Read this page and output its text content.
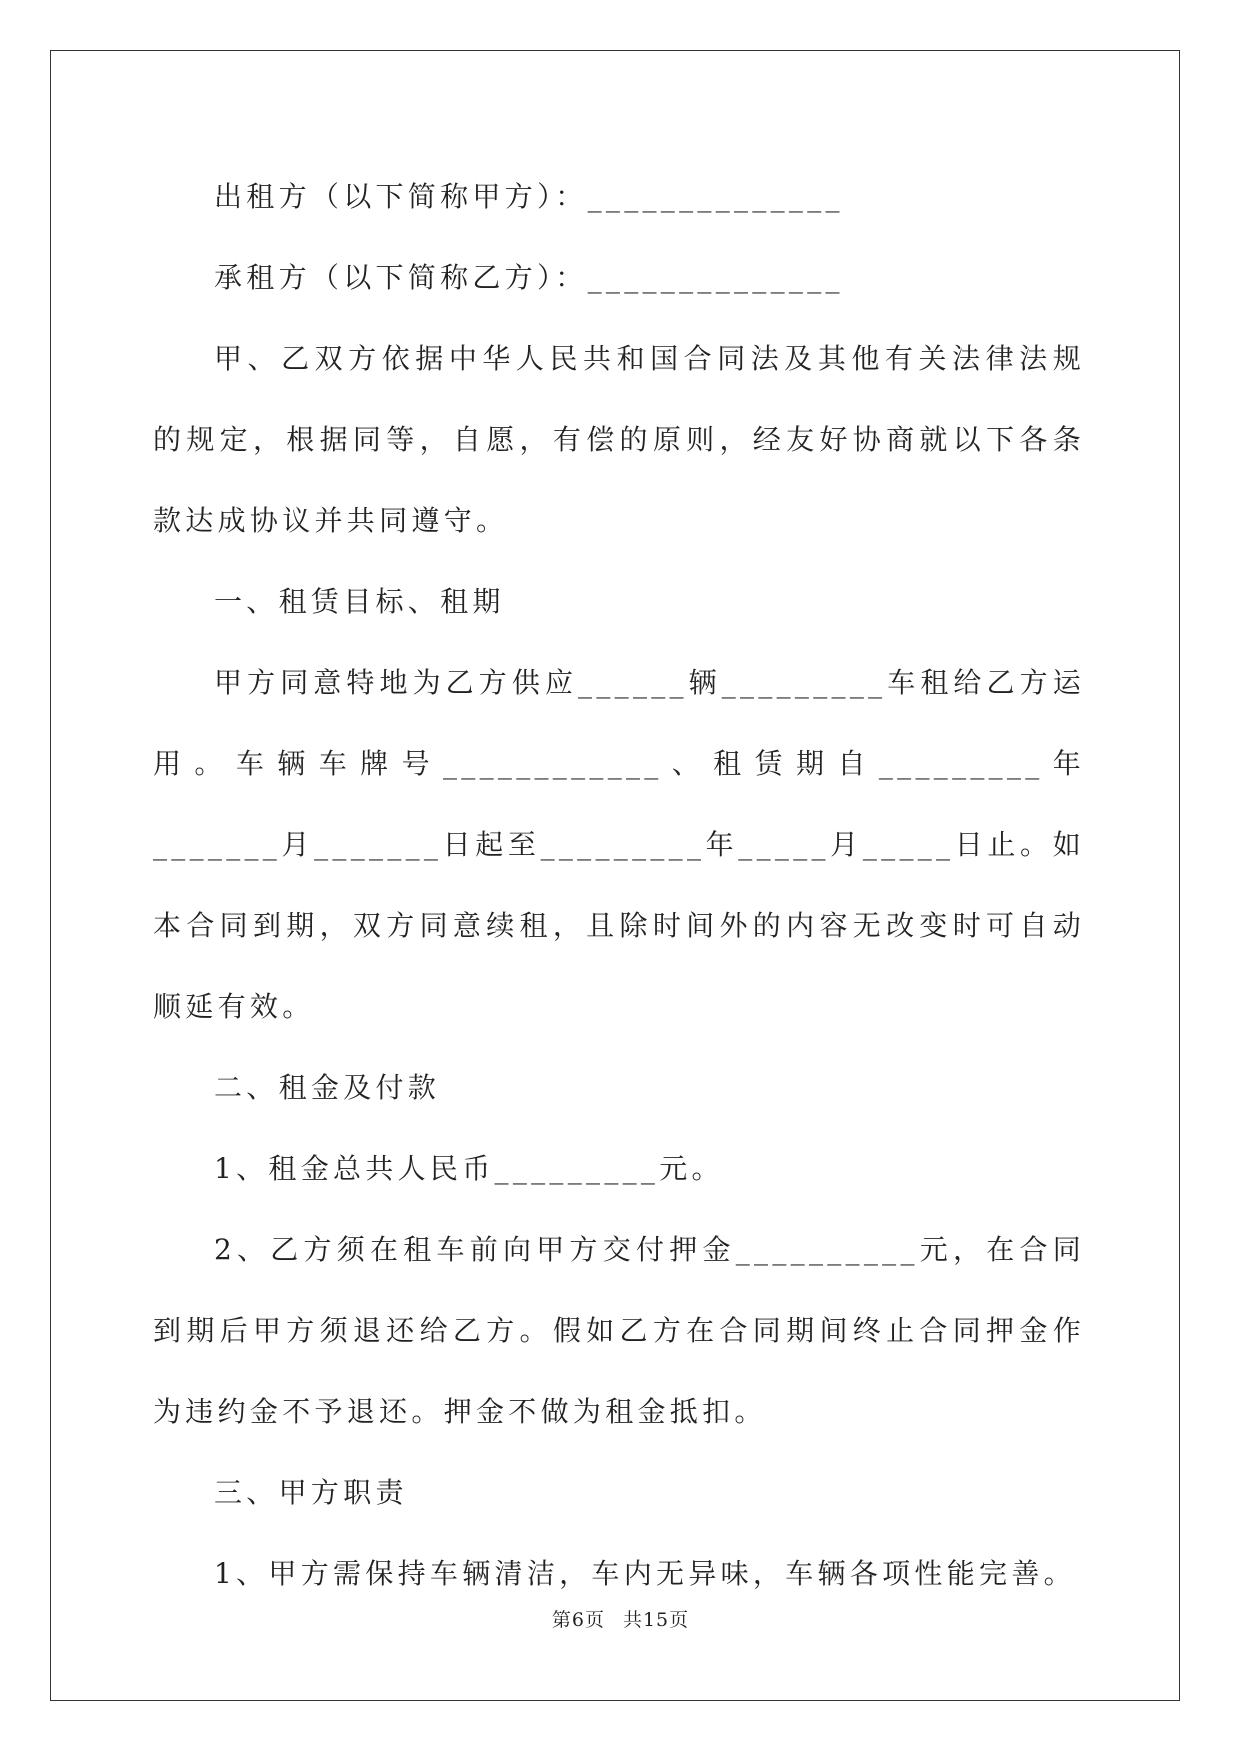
出租方（以下简称甲方）：______________

承租方（以下简称乙方）：______________

甲、乙双方依据中华人民共和国合同法及其他有关法律法规的规定，根据同等，自愿，有偿的原则，经友好协商就以下各条款达成协议并共同遵守。

一、租赁目标、租期

甲方同意特地为乙方供应______辆_________车租给乙方运用。车辆车牌号____________、租赁期自_________年_______月_______日起至_________年_____月_____日止。如本合同到期，双方同意续租，且除时间外的内容无改变时可自动顺延有效。

二、租金及付款

1、租金总共人民币_________元。

2、乙方须在租车前向甲方交付押金__________元，在合同到期后甲方须退还给乙方。假如乙方在合同期间终止合同押金作为违约金不予退还。押金不做为租金抵扣。

三、甲方职责

1、甲方需保持车辆清洁，车内无异味，车辆各项性能完善。

第6页 共15页
